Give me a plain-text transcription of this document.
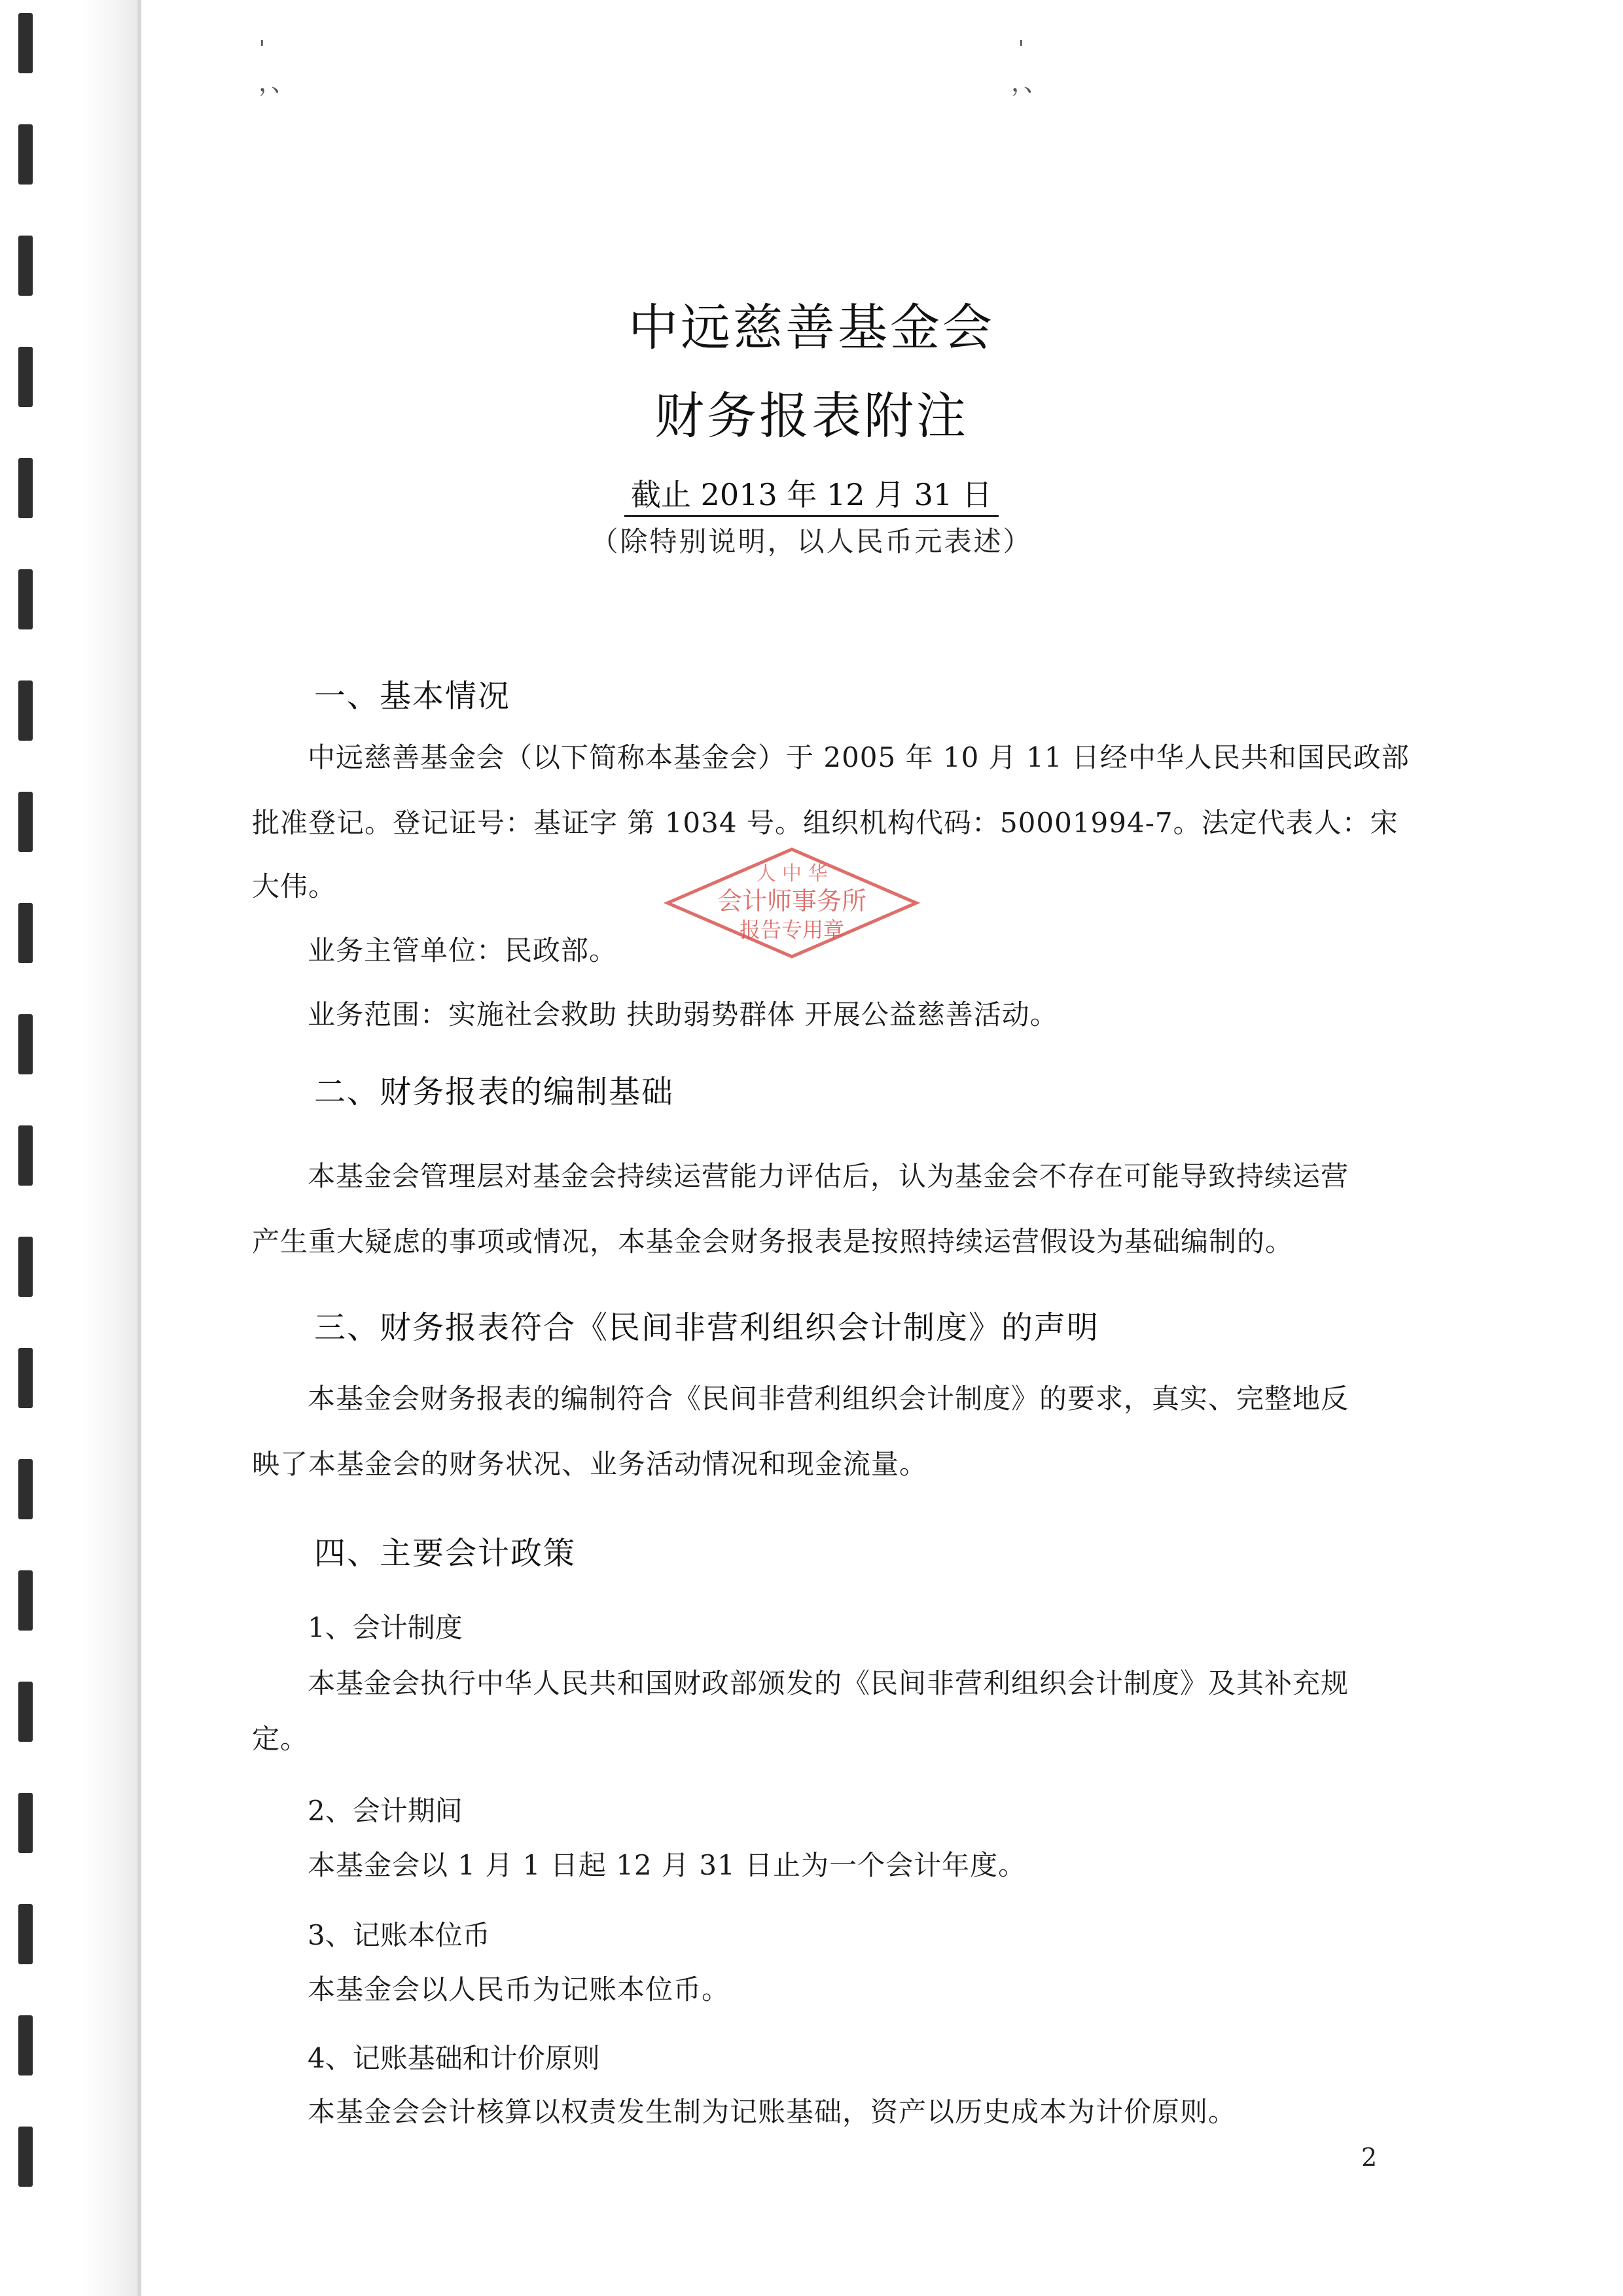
ˈ
，、
ˈ
，、
中远慈善基金会
财务报表附注
截止 2013 年 12 月 31 日
（除特别说明，以人民币元表述）
一、基本情况
中远慈善基金会（以下简称本基金会）于 2005 年 10 月 11 日经中华人民共和国民政部
批准登记。登记证号：基证字 第 1034 号。组织机构代码：50001994-7。法定代表人：宋
大伟。
业务主管单位：民政部。
业务范围：实施社会救助 扶助弱势群体 开展公益慈善活动。
人 中 华
会计师事务所
报告专用章
二、财务报表的编制基础
本基金会管理层对基金会持续运营能力评估后，认为基金会不存在可能导致持续运营
产生重大疑虑的事项或情况，本基金会财务报表是按照持续运营假设为基础编制的。
三、财务报表符合《民间非营利组织会计制度》的声明
本基金会财务报表的编制符合《民间非营利组织会计制度》的要求，真实、完整地反
映了本基金会的财务状况、业务活动情况和现金流量。
四、主要会计政策
1、会计制度
本基金会执行中华人民共和国财政部颁发的《民间非营利组织会计制度》及其补充规
定。
2、会计期间
本基金会以 1 月 1 日起 12 月 31 日止为一个会计年度。
3、记账本位币
本基金会以人民币为记账本位币。
4、记账基础和计价原则
本基金会会计核算以权责发生制为记账基础，资产以历史成本为计价原则。
2
